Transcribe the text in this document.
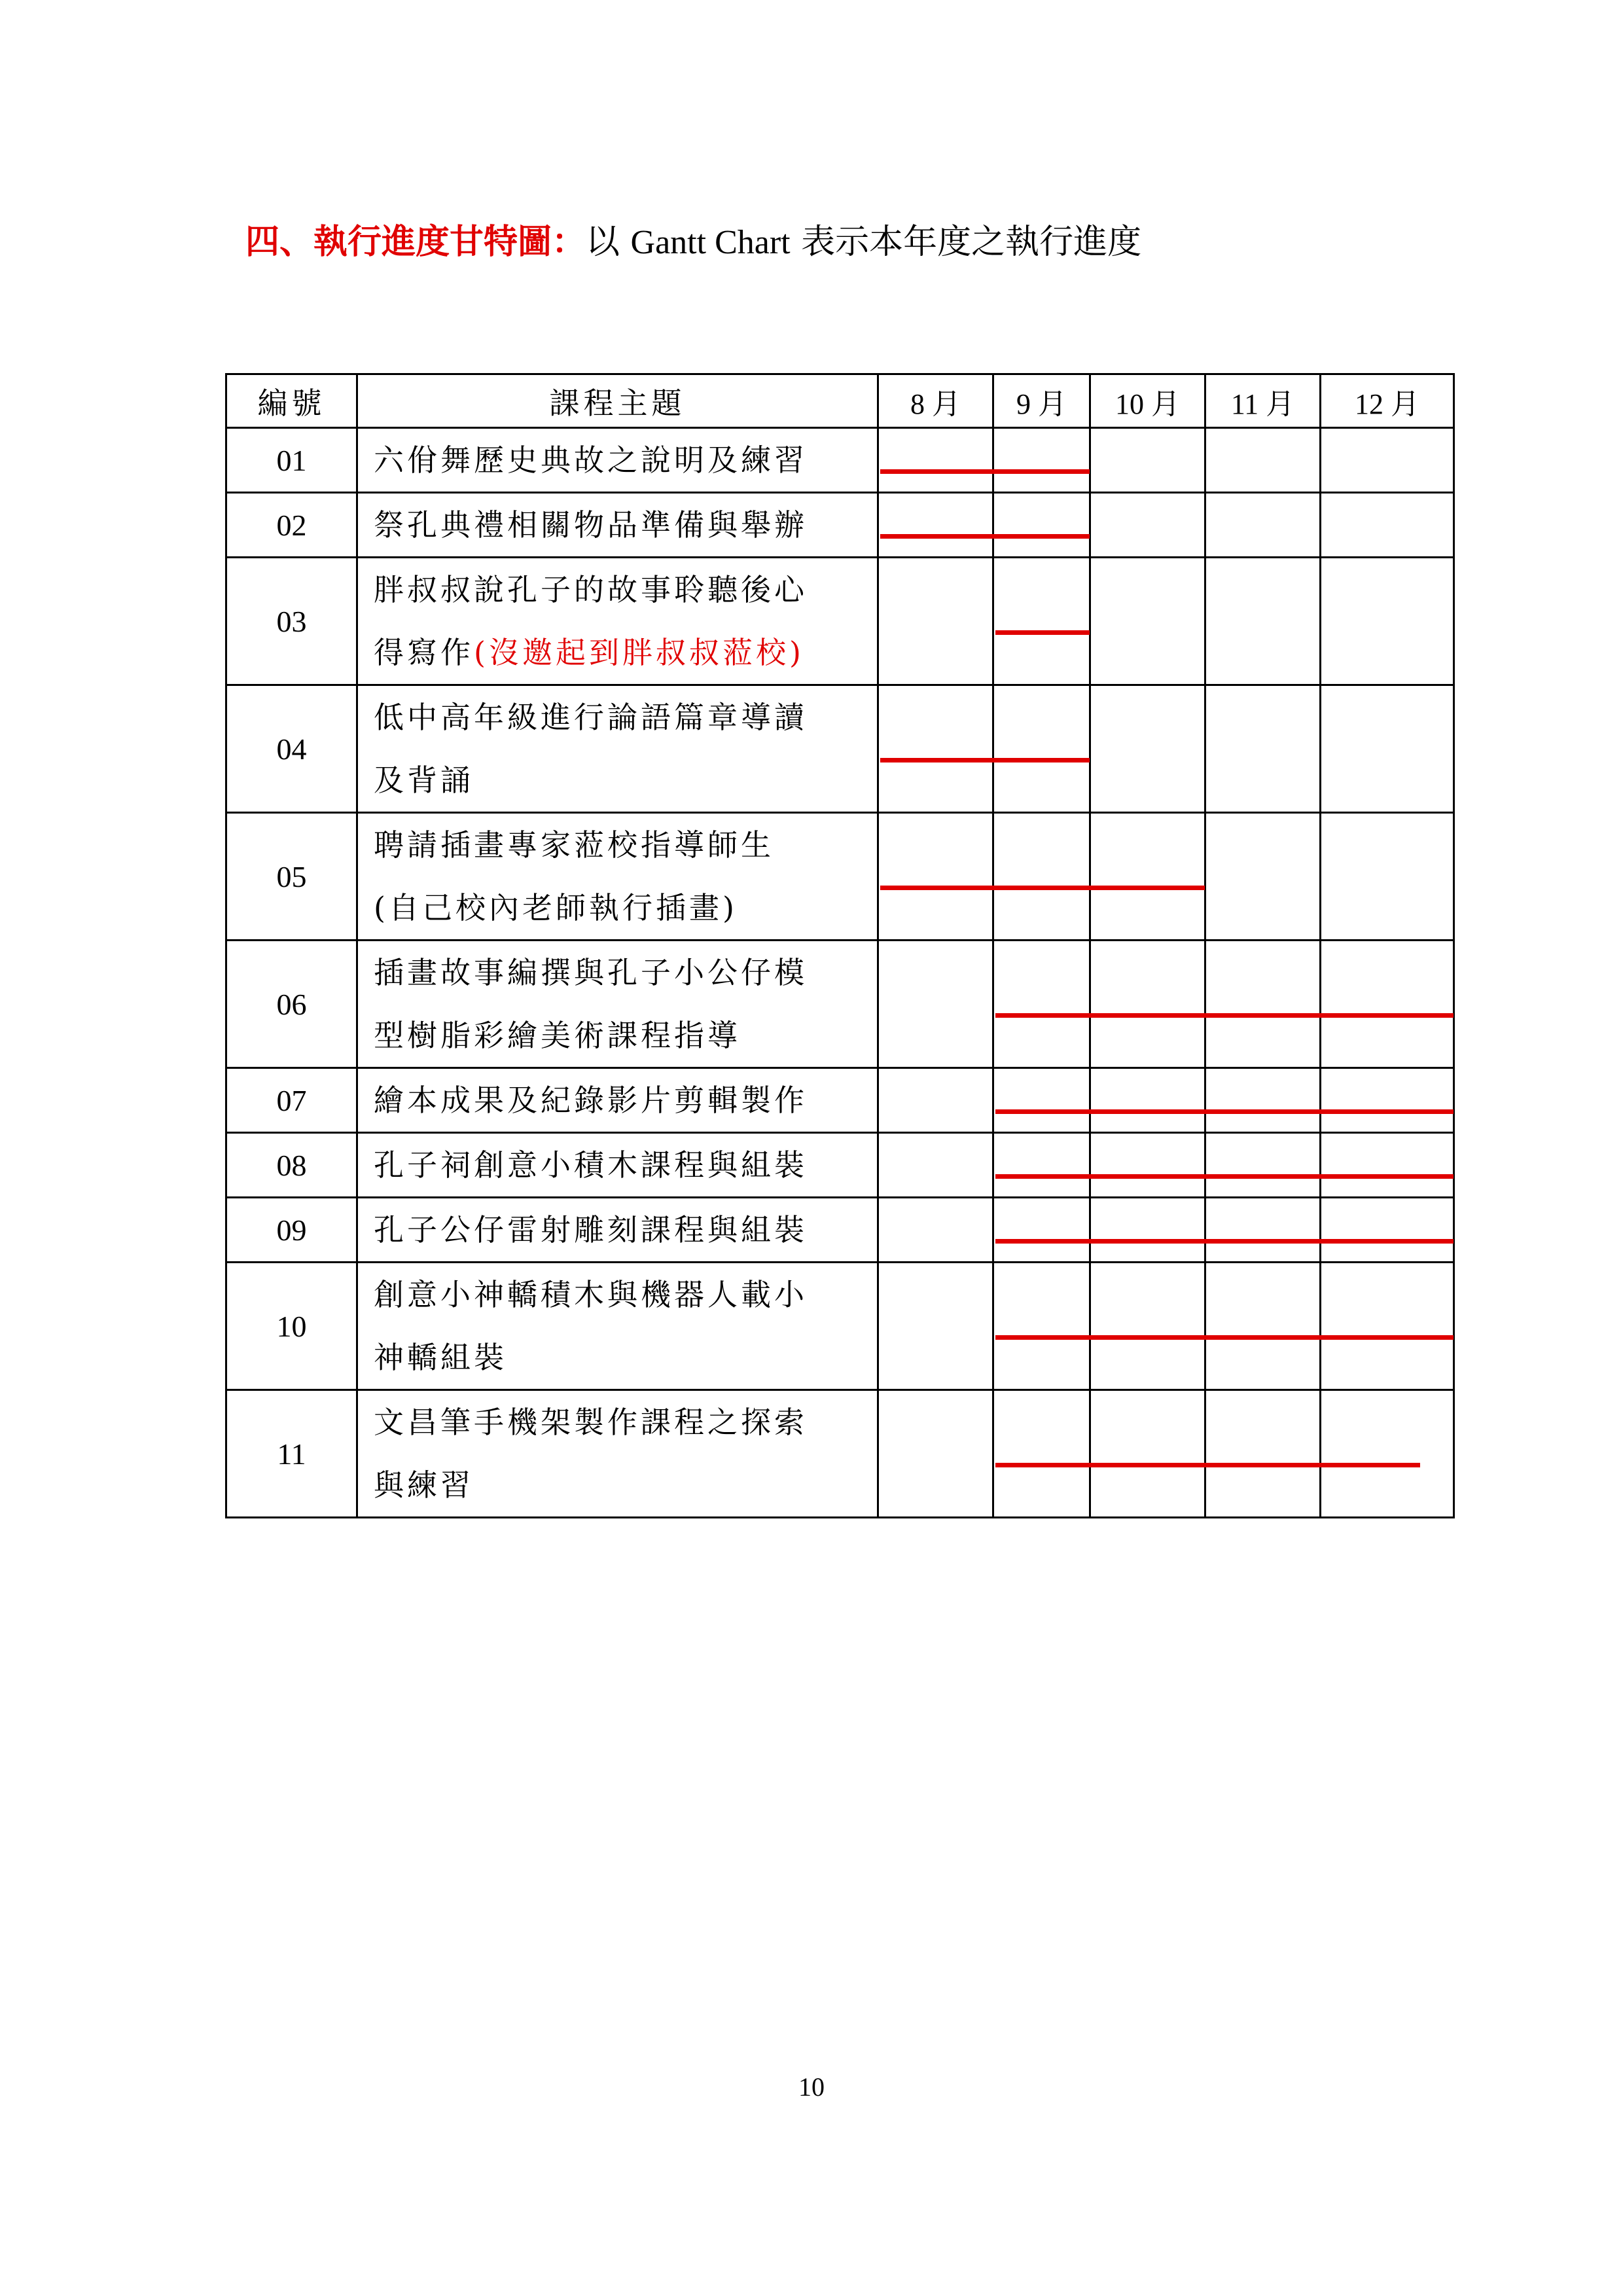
四、執行進度甘特圖：以 Gantt Chart 表示本年度之執行進度
編號	課程主題	8 月	9 月	10 月	11 月	12 月
01	六佾舞歷史典故之說明及練習					

02	祭孔典禮相關物品準備與舉辦					

03	胖叔叔說孔子的故事聆聽後心
得寫作(沒邀起到胖叔叔蒞校)					

04	低中高年級進行論語篇章導讀
及背誦					

05	聘請插畫專家蒞校指導師生
(自己校內老師執行插畫)					

06	插畫故事編撰與孔子小公仔模
型樹脂彩繪美術課程指導					

07	繪本成果及紀錄影片剪輯製作					

08	孔子祠創意小積木課程與組裝					

09	孔子公仔雷射雕刻課程與組裝					

10	創意小神轎積木與機器人載小
神轎組裝					

11	文昌筆手機架製作課程之探索
與練習					

10
